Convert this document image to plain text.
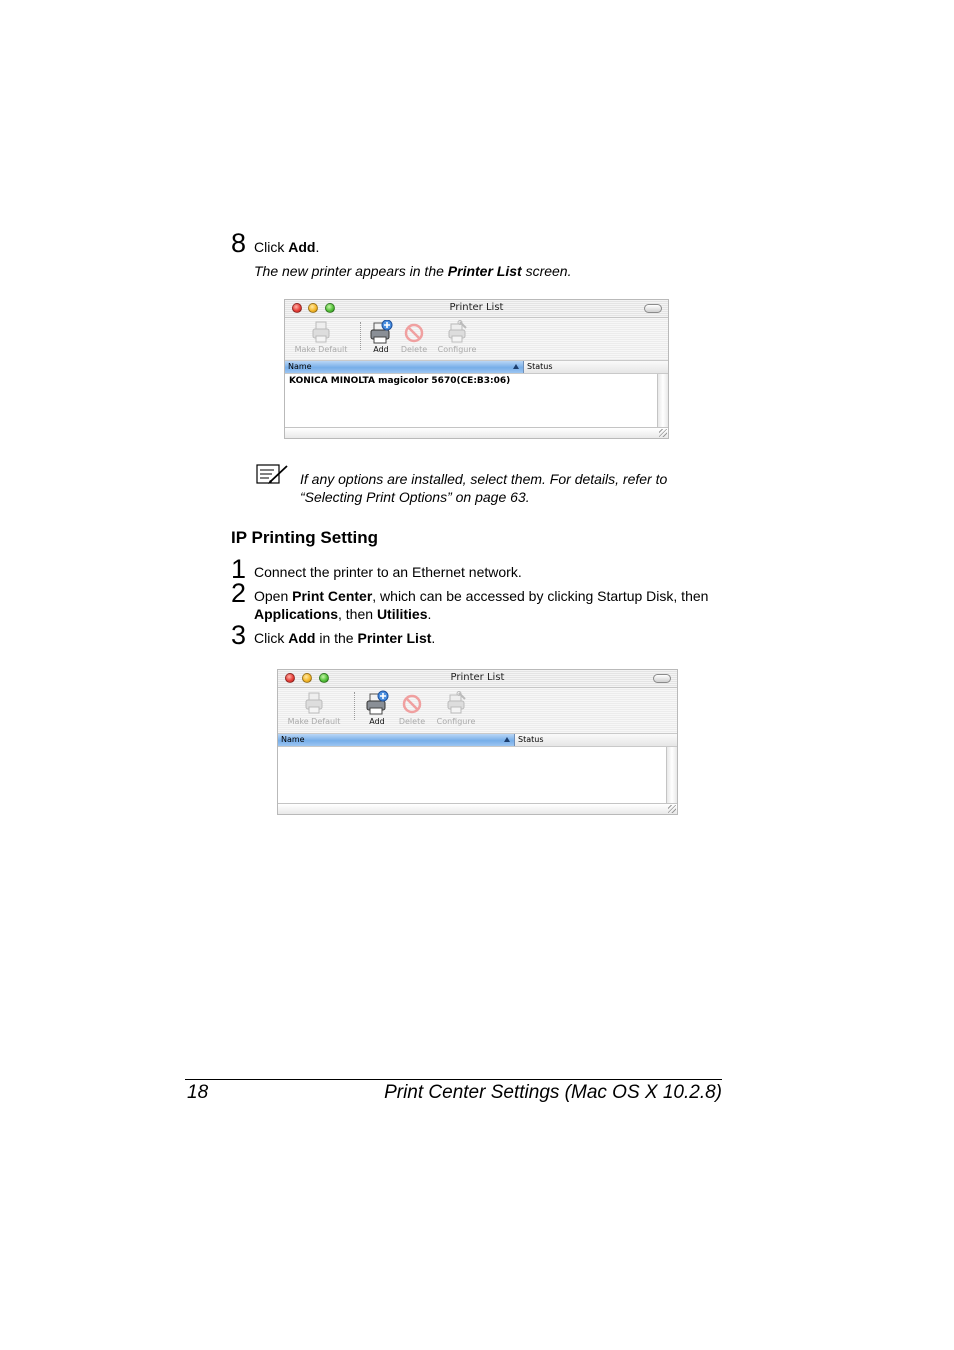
8 Click Add.
The new printer appears in the Printer List screen.
Printer List
Make Default	Add	Delete	Configure
Name	Status
KONICA MINOLTA magicolor 5670(CE:B3:06)
If any options are installed, select them. For details, refer to
“Selecting Print Options” on page 63.
IP Printing Setting
1 Connect the printer to an Ethernet network.
2 Open Print Center, which can be accessed by clicking Startup Disk, then
Applications, then Utilities.
3 Click Add in the Printer List.
Printer List
Make Default	Add	Delete	Configure
Name	Status
18	Print Center Settings (Mac OS X 10.2.8)
